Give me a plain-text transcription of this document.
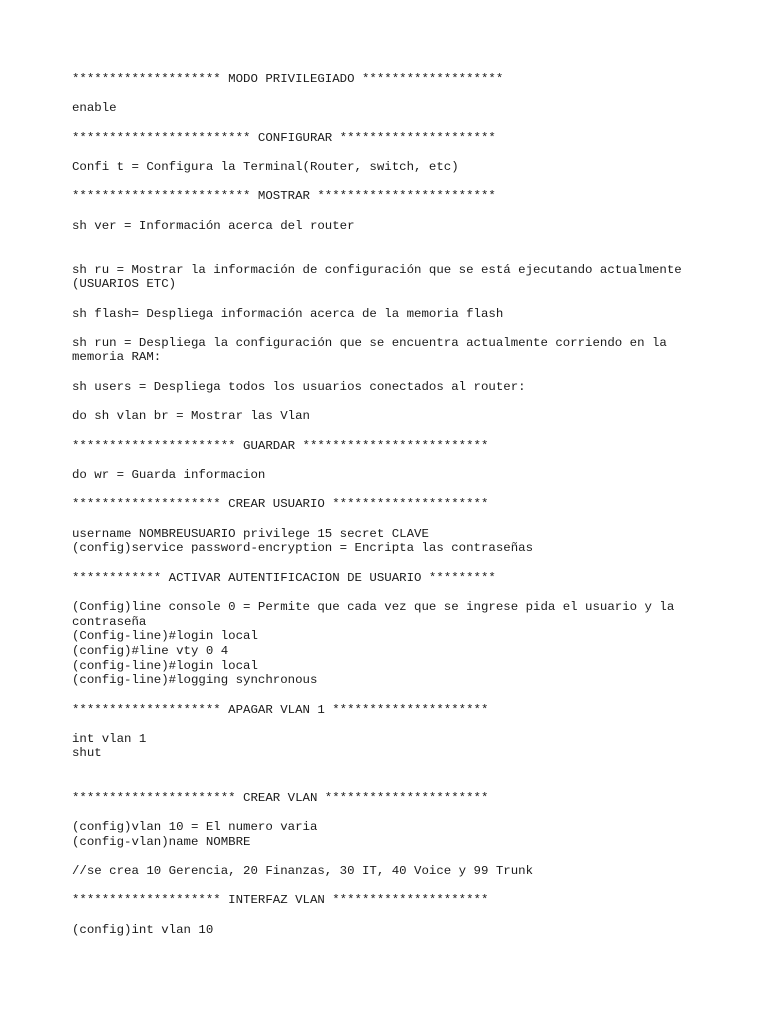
******************** MODO PRIVILEGIADO *******************

enable

************************ CONFIGURAR *********************

Confi t = Configura la Terminal(Router, switch, etc)

************************ MOSTRAR ************************

sh ver = Información acerca del router

sh ru = Mostrar la información de configuración que se está ejecutando actualmente

(USUARIOS ETC)

sh flash= Despliega información acerca de la memoria flash

sh run = Despliega la configuración que se encuentra actualmente corriendo en la

memoria RAM:

sh users = Despliega todos los usuarios conectados al router:

do sh vlan br = Mostrar las Vlan

********************** GUARDAR *************************

do wr = Guarda informacion

******************** CREAR USUARIO *********************

username NOMBREUSUARIO privilege 15 secret CLAVE

(config)service password-encryption = Encripta las contraseñas

************ ACTIVAR AUTENTIFICACION DE USUARIO *********

(Config)line console 0 = Permite que cada vez que se ingrese pida el usuario y la

contraseña

(Config-line)#login local

(config)#line vty 0 4

(config-line)#login local

(config-line)#logging synchronous

******************** APAGAR VLAN 1 *********************

int vlan 1

shut

********************** CREAR VLAN **********************

(config)vlan 10 = El numero varia

(config-vlan)name NOMBRE

//se crea 10 Gerencia, 20 Finanzas, 30 IT, 40 Voice y 99 Trunk

******************** INTERFAZ VLAN *********************

(config)int vlan 10
